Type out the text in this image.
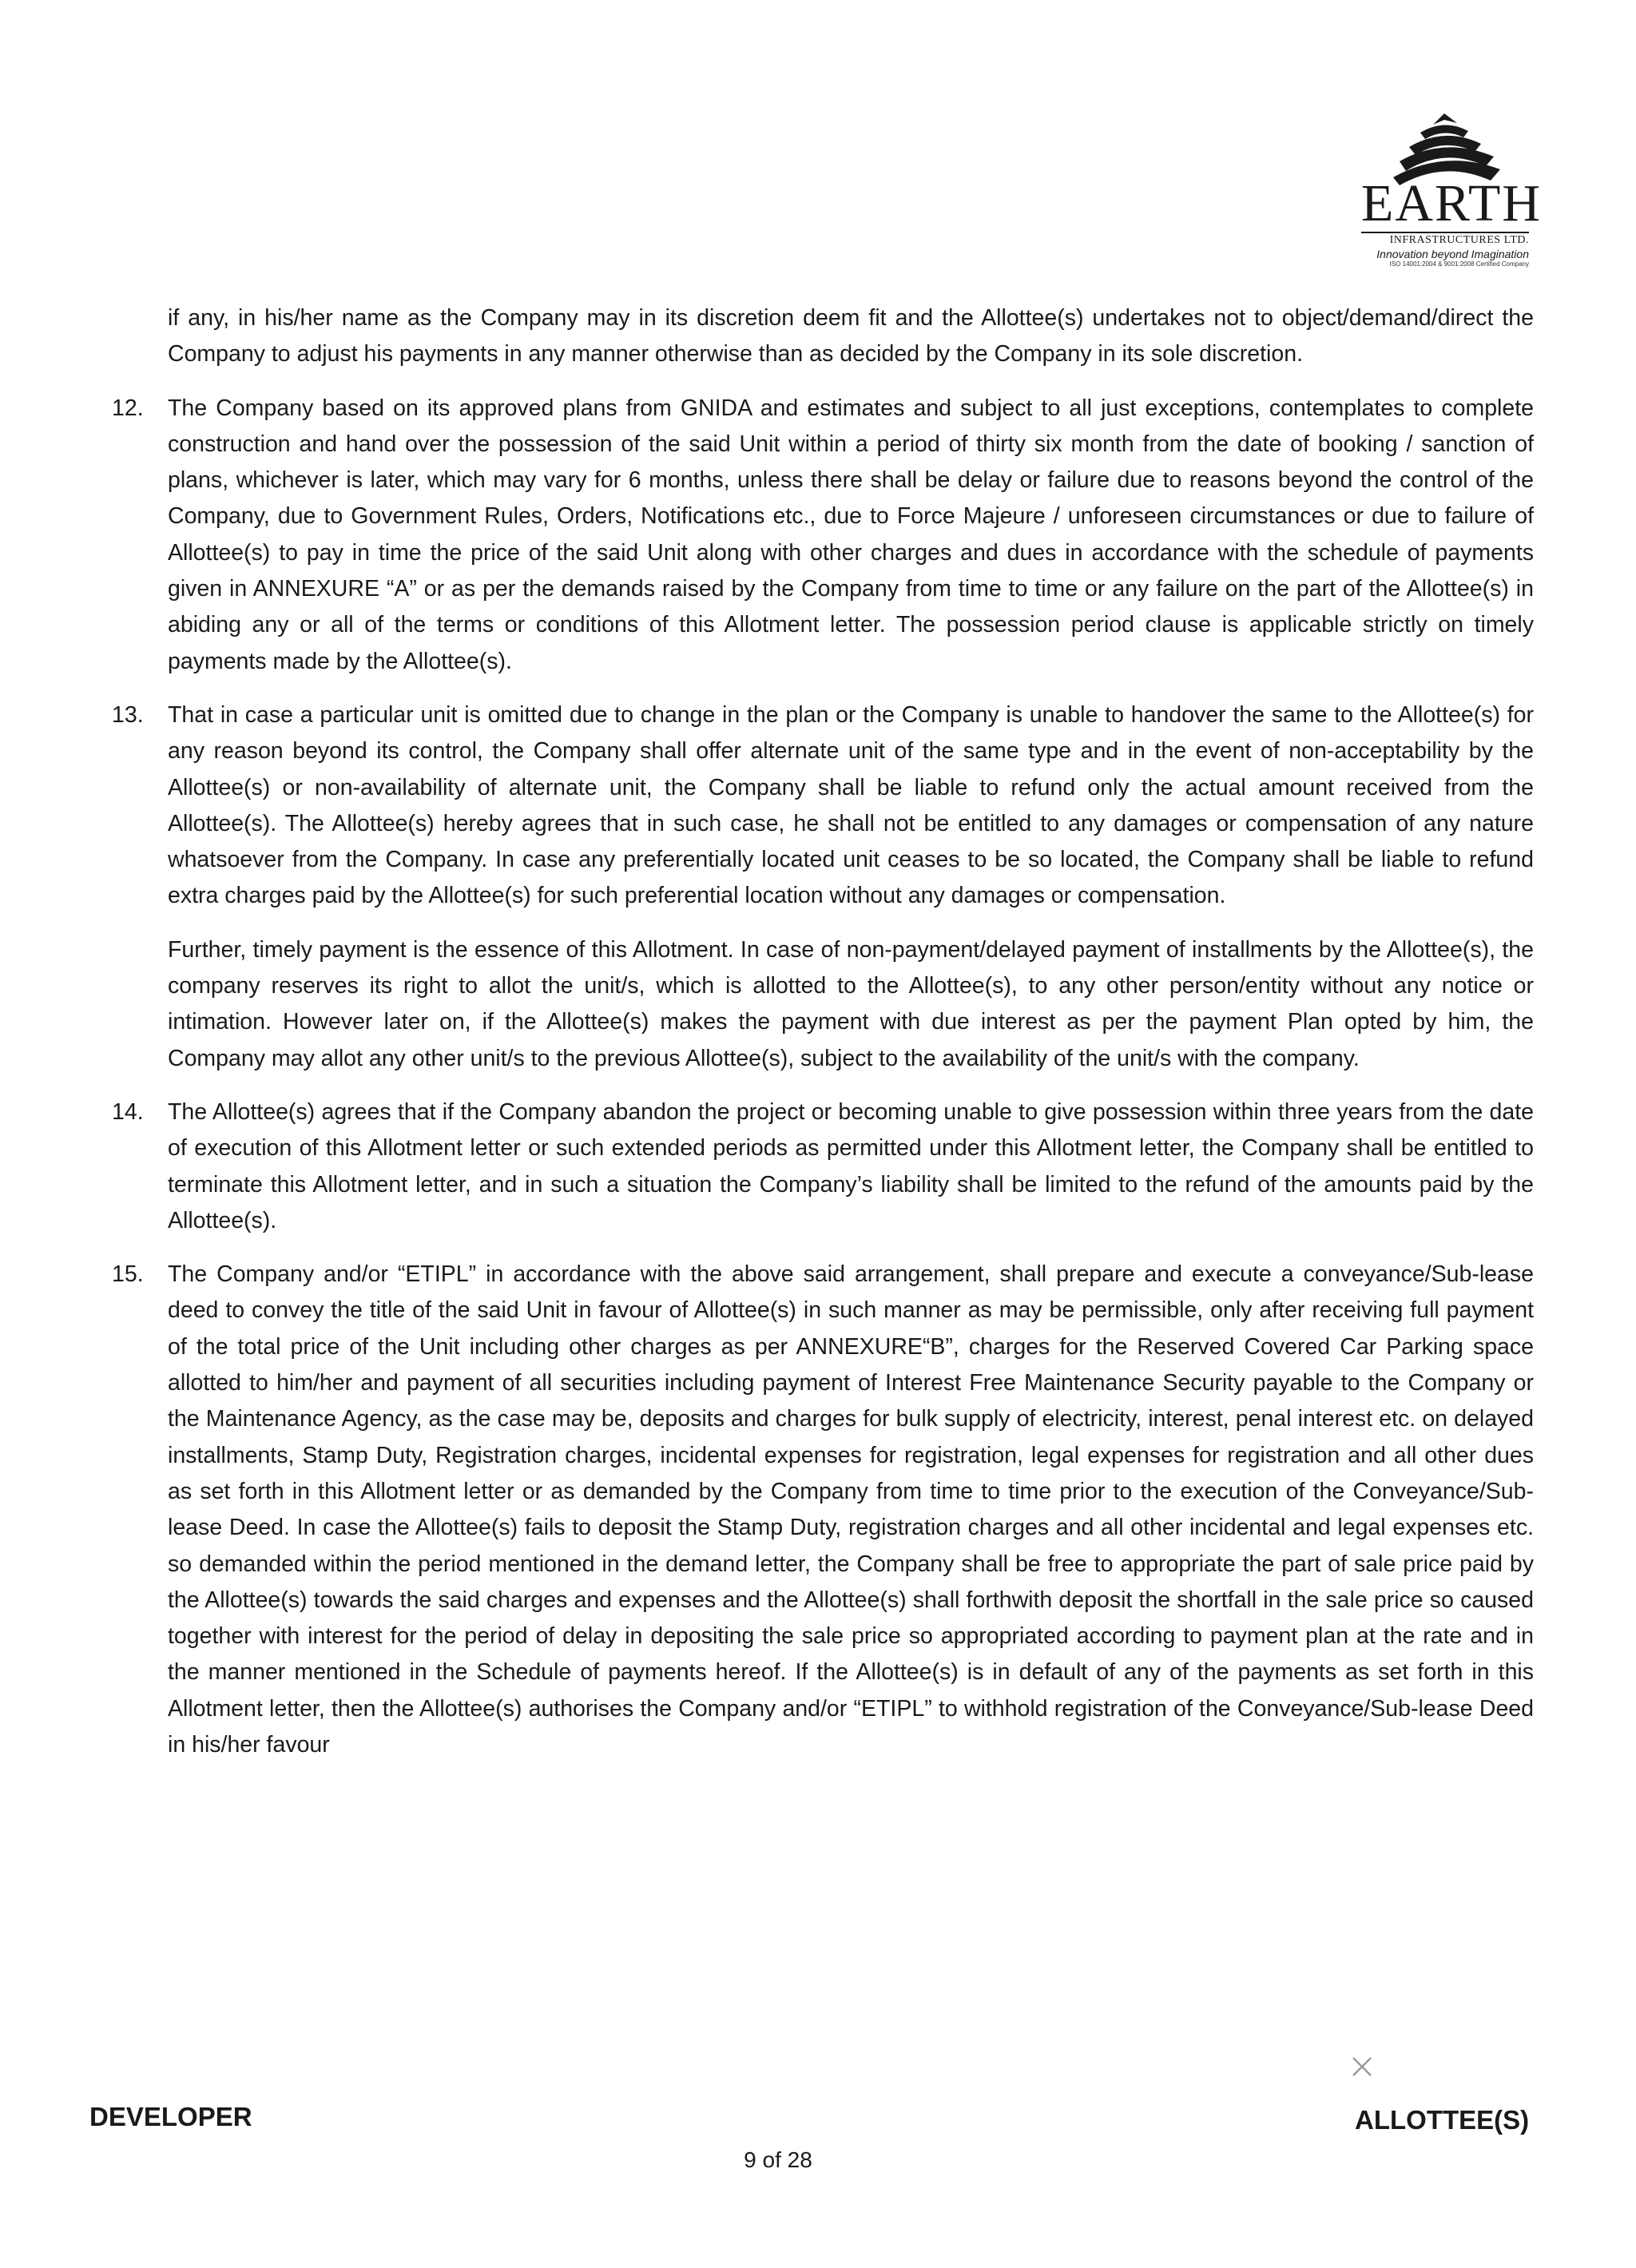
EARTH
INFRASTRUCTURES LTD.
Innovation beyond Imagination
ISO 14001:2004 & 9001:2008 Certified Company

if any, in his/her name as the Company may in its discretion deem fit and the Allottee(s) undertakes not to object/demand/direct the Company to adjust his payments in any manner otherwise than as decided by the Company in its sole discretion.

12. The Company based on its approved plans from GNIDA and estimates and subject to all just exceptions, contemplates to complete construction and hand over the possession of the said Unit within a period of thirty six month from the date of booking / sanction of plans, whichever is later, which may vary for 6 months, unless there shall be delay or failure due to reasons beyond the control of the Company, due to Government Rules, Orders, Notifications etc., due to Force Majeure / unforeseen circumstances or due to failure of Allottee(s) to pay in time the price of the said Unit along with other charges and dues in accordance with the schedule of payments given in ANNEXURE “A” or as per the demands raised by the Company from time to time or any failure on the part of the Allottee(s) in abiding any or all of the terms or conditions of this Allotment letter. The possession period clause is applicable strictly on timely payments made by the Allottee(s).

13. That in case a particular unit is omitted due to change in the plan or the Company is unable to handover the same to the Allottee(s) for any reason beyond its control, the Company shall offer alternate unit of the same type and in the event of non-acceptability by the Allottee(s) or non-availability of alternate unit, the Company shall be liable to refund only the actual amount received from the Allottee(s). The Allottee(s) hereby agrees that in such case, he shall not be entitled to any damages or compensation of any nature whatsoever from the Company. In case any preferentially located unit ceases to be so located, the Company shall be liable to refund extra charges paid by the Allottee(s) for such preferential location without any damages or compensation.

Further, timely payment is the essence of this Allotment. In case of non-payment/delayed payment of installments by the Allottee(s), the company reserves its right to allot the unit/s, which is allotted to the Allottee(s), to any other person/entity without any notice or intimation. However later on, if the Allottee(s) makes the payment with due interest as per the payment Plan opted by him, the Company may allot any other unit/s to the previous Allottee(s), subject to the availability of the unit/s with the company.

14. The Allottee(s) agrees that if the Company abandon the project or becoming unable to give possession within three years from the date of execution of this Allotment letter or such extended periods as permitted under this Allotment letter, the Company shall be entitled to terminate this Allotment letter, and in such a situation the Company’s liability shall be limited to the refund of the amounts paid by the Allottee(s).

15. The Company and/or “ETIPL” in accordance with the above said arrangement, shall prepare and execute a conveyance/Sub-lease deed to convey the title of the said Unit in favour of Allottee(s) in such manner as may be permissible, only after receiving full payment of the total price of the Unit including other charges as per ANNEXURE“B”, charges for the Reserved Covered Car Parking space allotted to him/her and payment of all securities including payment of Interest Free Maintenance Security payable to the Company or the Maintenance Agency, as the case may be, deposits and charges for bulk supply of electricity, interest, penal interest etc. on delayed installments, Stamp Duty, Registration charges, incidental expenses for registration, legal expenses for registration and all other dues as set forth in this Allotment letter or as demanded by the Company from time to time prior to the execution of the Conveyance/Sub-lease Deed. In case the Allottee(s) fails to deposit the Stamp Duty, registration charges and all other incidental and legal expenses etc. so demanded within the period mentioned in the demand letter, the Company shall be free to appropriate the part of sale price paid by the Allottee(s) towards the said charges and expenses and the Allottee(s) shall forthwith deposit the shortfall in the sale price so caused together with interest for the period of delay in depositing the sale price so appropriated according to payment plan at the rate and in the manner mentioned in the Schedule of payments hereof. If the Allottee(s) is in default of any of the payments as set forth in this Allotment letter, then the Allottee(s) authorises the Company and/or “ETIPL” to withhold registration of the Conveyance/Sub-lease Deed in his/her favour

DEVELOPER	ALLOTTEE(S)
9 of 28
